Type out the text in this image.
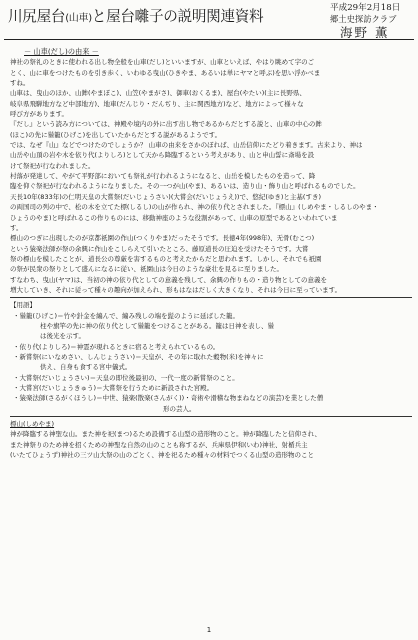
川尻屋台(山車)と屋台囃子の説明関連資料	平成29年2月18日
郷土史探訪クラブ
海野 薫
－ 山車(だし)の由来 －
神社の祭礼のときに使われる出し物全般を山車(だし)といいますが、山車といえば、やはり眺めて字のご
とく、山に車をつけたものを引き歩く、いわゆる曳山(ひきやま、あるいは単にヤマと呼ぶ)を思い浮かべま
すね。
山車は、曳山のほか、山鉾(やまぼこ)、山笠(やまがさ)、御車(おくるま)、屋台(やたい)(主に長野県、
岐阜県飛騨地方など中部地方)、地車(だんじり・だんぢり、主に関西地方)など、地方によって様々な
呼び方があります。
『だし』という読み方については、神殿や境内の外に出す出し物であるからだとする説と、山車の中心の鉾
(ほこ)の先に鬚籠(ひげこ)を出していたからだとする説があるようです。
では、なぜ『山』などでつけたのでしょうか？ 山車の由来をさかのぼれば、山岳信仰にたどり着きます。古来より、神は
山岳や山頂の岩や木を依り代(よりしろ)として天から降臨するという考えがあり、山と申山誓に斎場を設
けて祭祀が行なわれました。
村落が発達して、やがて平野部においても祭礼が行われるようになると、山岳を模したものを造って、降
臨を仰ぐ祭祀が行なわれるようになりました。その一つが山(やま)、あるいは、造り山・飾り山と呼ばれるものでした。
天長10年(833年)の仁明天皇の大嘗祭(だいじょうさい)(大嘗会(だいじょうえ))で、悠紀(ゆき)と主基(すき)
の両国司の列の中で、松の木を立てた標(しるし)の山が作られ、神の依り代とされました。『標山』(しめやま・しるしのやま・
ひょうのやま)と呼ばれるこの作りものには、移動神座のような役割があって、山車の原型であるといわれていま
す。
標山のつぎに出現したのが京都祇園の作山(つくりやま)だったそうです。長徳4年(998年)、无骨(むこつ)
という猿楽法師が祭の余興に作山をこしらえて引いたところ、藤原道長の圧迫を受けたそうです。大嘗
祭の標山を模したことが、道長公の尊厳を害するものと考えたからだと思われます。しかし、それでも祇園
の祭が民衆の祭りとして盛んになるに従い、祇園山は今日のような豪壮を見るに至りました。
すなわち、曳山(ヤマ)は、当初の神の依り代としての意義を残して、余興の作りもの・造り物としての意義を
増大していき、それに従って種々の趣向が加えられ、形もはなはだしく大きくなり、それは今日に至っています。
【用語】
・鬚籠(ひげこ)＝竹や針金を編んで、編み残しの端を髭のように延ばした籠。
柱や旗竿の先に神の依り代として鬚籠をつけることがある。籠は日神を表し、鬚
は後光を示す。
・依り代(よりしろ)＝神霊が現れるときに宿ると考えられているもの。
・新嘗祭(にいなめさい、しんじょうさい)＝天皇が、その年に取れた穀物(米)を神々に
供え、自身も食する宮中儀式。
・大嘗祭(だいじょうさい)＝天皇の即位後最初の、一代一度の新嘗祭のこと。
・大嘗宮(だいじょうきゅう)＝大嘗祭を行うために新設された宮殿。
・猿楽法師(さるがくほうし)＝中世、猿楽(散楽(さんがく))・奇術や滑稽な物まねなどの演芸)を業とした僧
形の芸人。
標山(しめやま)
神が降臨する神聖な山。また神を祀(まつ)るため設備する山型の造形物のこと。神が降臨したと信仰され、
また神祭りのため神を招くための神聖な自然の山のことも称するが、兵庫県伊和(いわ)神社、射楯兵主
(いたてひょうず)神社の三ツ山大祭の山のごとく、神を祀るため種々の材料でつくる山型の造形物のこと
1
